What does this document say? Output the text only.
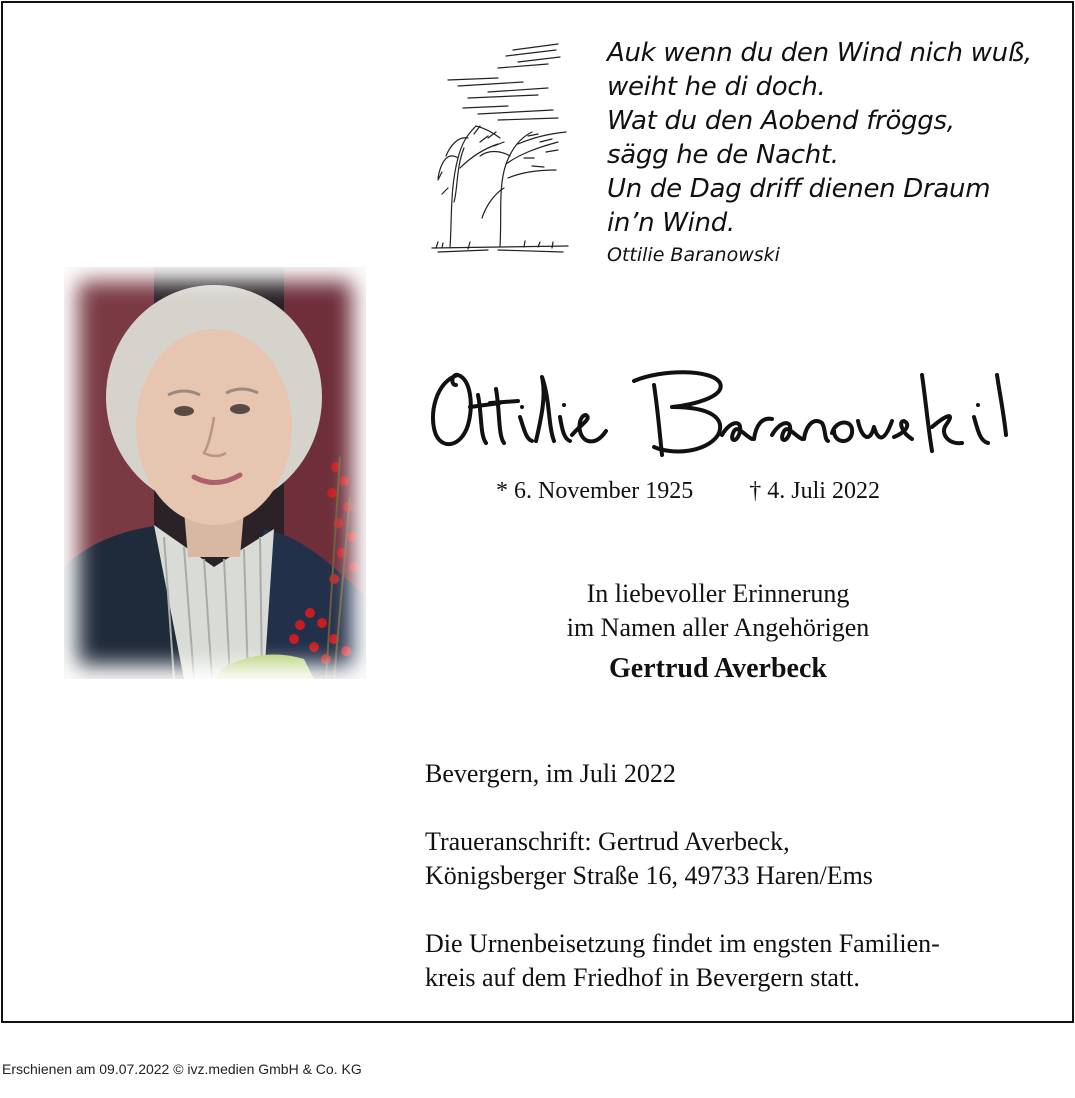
Auk wenn du den Wind nich wuß,
weiht he di doch.
Wat du den Aobend fröggs,
sägg he de Nacht.
Un de Dag driff dienen Draum
in’n Wind.
Ottilie Baranowski
* 6. November 1925 † 4. Juli 2022
In liebevoller Erinnerung
im Namen aller Angehörigen
Gertrud Averbeck
Bevergern, im Juli 2022
Traueranschrift: Gertrud Averbeck,
Königsberger Straße 16, 49733 Haren/Ems
Die Urnenbeisetzung findet im engsten Familien-
kreis auf dem Friedhof in Bevergern statt.
Erschienen am 09.07.2022 © ivz.medien GmbH & Co. KG
